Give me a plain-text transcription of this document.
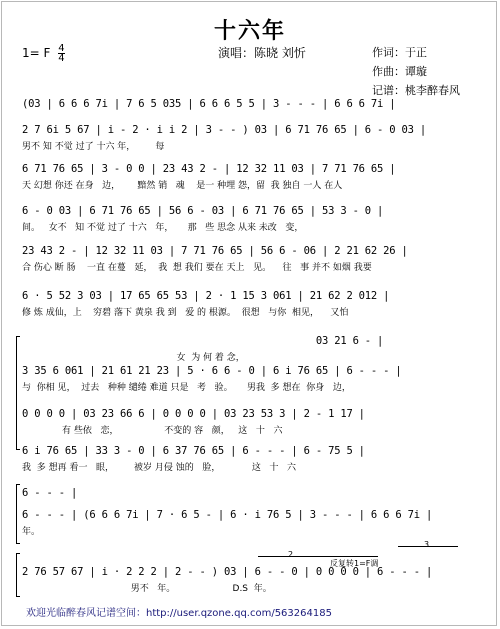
十六年
1= F $\frac{4}{4}$	演唱：陈晓 刘忻	作词：于正
作曲：谭璇
记谱：桃李醉春风
(03 | 6 6 6 7i | 7 6 5 035 | 6 6 6 5 5 | 3 - - - | 6 6 6 7i |
2 7 6i 5 67 | i - 2 · i i 2 | 3 - - ) 03 | 6 71 76 65 | 6 - 0 03 |
男不 知 不觉 过了 十六 年，       每
6 71 76 65 | 3 - 0 0 | 23 43 2 - | 12 32 11 03 | 7 71 76 65 |
天 幻想 你还 在身   边，      黯然 销   魂    是一 种埋 怨，留  我 独自 一人 在人
6 - 0 03 | 6 71 76 65 | 56 6 - 03 | 6 71 76 65 | 53 3 - 0 |
间。   女不   知 不觉 过了 十六   年，     那   些 思念 从来 未改   变，
23 43 2 - | 12 32 11 03 | 7 71 76 65 | 56 6 - 06 | 2 21 62 26 |
合 伤心 断 肠    一直 在蔓   延，  我  想 我们 要在 天上   见。    往   事 并不 如烟 我要
6 · 5 52 3 03 | 17 65 65 53 | 2 · 1 15 3 061 | 21 62 2 012 |
修 炼 成仙，上    穷碧 落下 黄泉 我 到   爱 的 根源。  很想   与你  相见，    又怕
03 21 6 - |
女  为 何 着 念，
3 35 6 061 | 21 61 21 23 | 5 · 6 6 - 0 | 6 i 76 65 | 6 - - - |
与  你相 见，  过去   种种 缱绻 难道 只是   考   验。     男我  多 想在  你身   边，
0 0 0 0 | 03 23 66 6 | 0 0 0 0 | 03 23 53 3 | 2 - 1 17 |
有 些依   恋，                不变的 容   颜，   这   十   六
6 i 76 65 | 33 3 - 0 | 6 37 76 65 | 6 - - - | 6 - 75 5 |
我  多 想再 看一   眼，       被岁 月侵 蚀的   脸，           这   十   六
6 - - - |
6 - - - | (6 6 6 7i | 7 · 6 5 - | 6 · i 76 5 | 3 - - - | 6 6 6 7i |
年。
2 76 57 67 | i · 2 2 2 | 2 - - ) 03 | 6 - - 0 | 0 0 0 0 | 6 - - - |
男不   年。                    D.S  年。
2
反复转1=F调
3
欢迎光临醉春风记谱空间：http://user.qzone.qq.com/563264185
